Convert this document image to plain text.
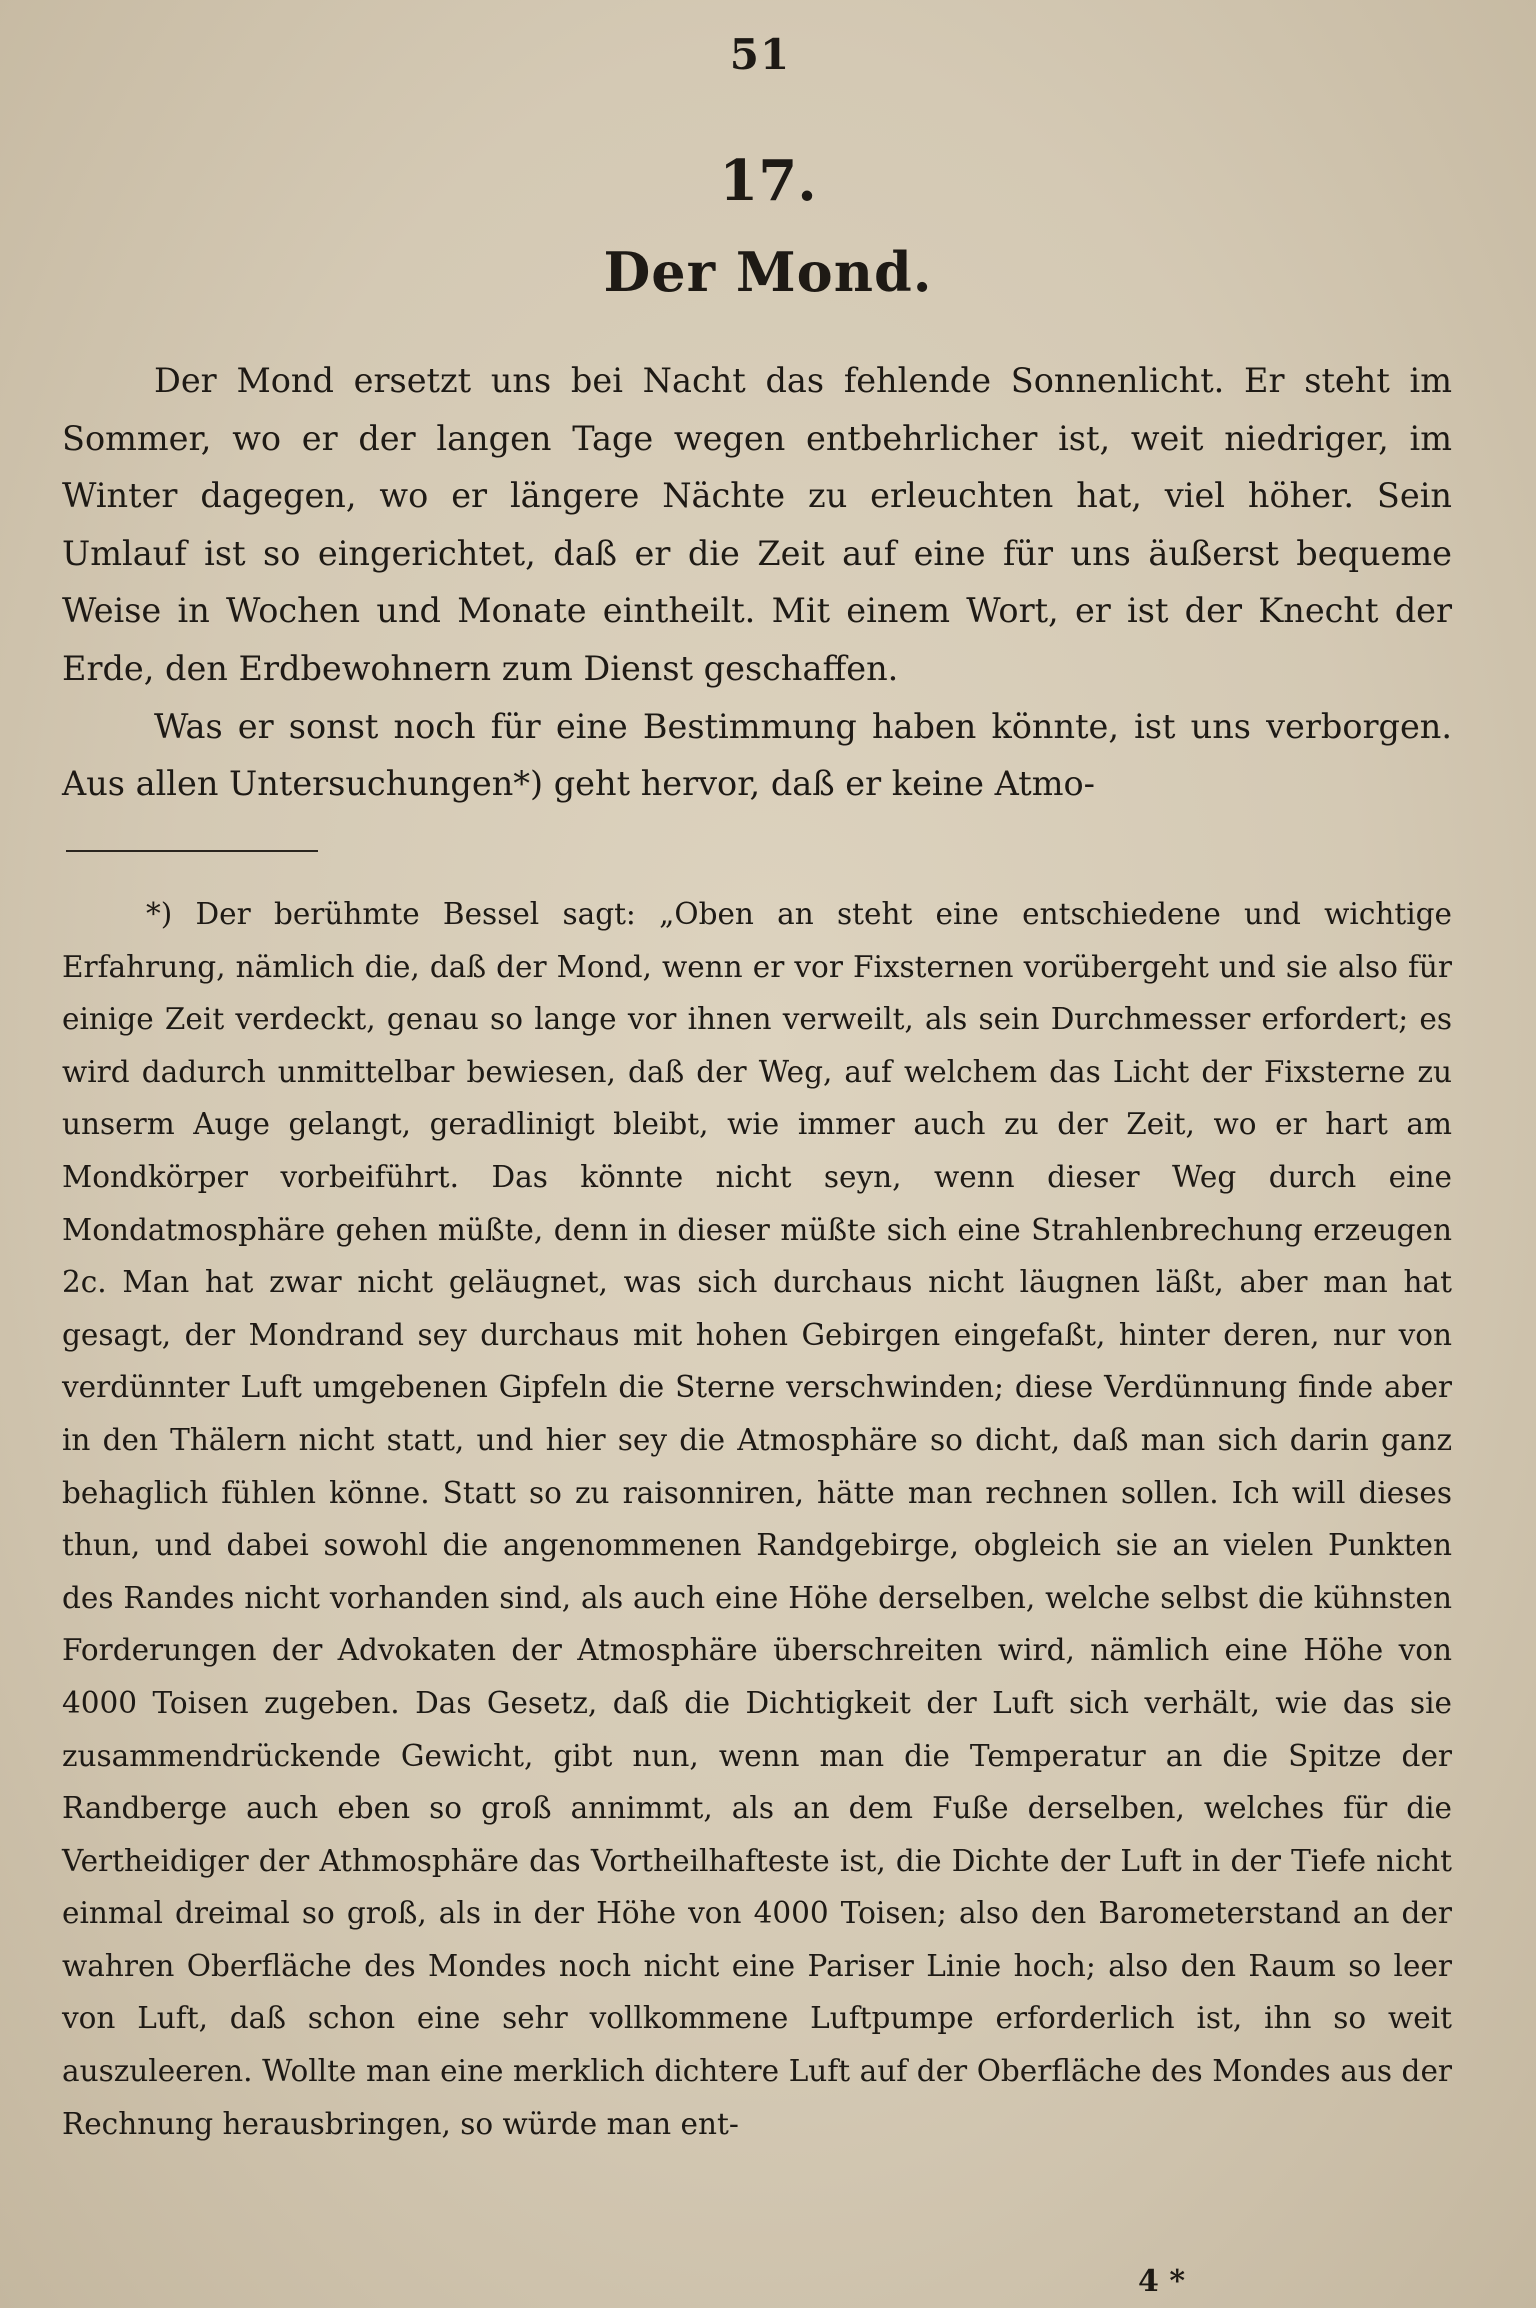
51
17.
Der Mond.

Der Mond ersetzt uns bei Nacht das fehlende Sonnenlicht. Er steht im Sommer, wo er der langen Tage wegen entbehrlicher ist, weit niedriger, im Winter dagegen, wo er längere Nächte zu erleuchten hat, viel höher. Sein Umlauf ist so eingerichtet, daß er die Zeit auf eine für uns äußerst bequeme Weise in Wochen und Monate eintheilt. Mit einem Wort, er ist der Knecht der Erde, den Erdbewohnern zum Dienst geschaffen.

Was er sonst noch für eine Bestimmung haben könnte, ist uns verborgen. Aus allen Untersuchungen*) geht hervor, daß er keine Atmo-

*) Der berühmte Bessel sagt: „Oben an steht eine entschiedene und wichtige Erfahrung, nämlich die, daß der Mond, wenn er vor Fixsternen vorübergeht und sie also für einige Zeit verdeckt, genau so lange vor ihnen verweilt, als sein Durchmesser erfordert; es wird dadurch unmittelbar bewiesen, daß der Weg, auf welchem das Licht der Fixsterne zu unserm Auge gelangt, geradlinigt bleibt, wie immer auch zu der Zeit, wo er hart am Mondkörper vorbeiführt. Das könnte nicht seyn, wenn dieser Weg durch eine Mondatmosphäre gehen müßte, denn in dieser müßte sich eine Strahlenbrechung erzeugen 2c. Man hat zwar nicht geläugnet, was sich durchaus nicht läugnen läßt, aber man hat gesagt, der Mondrand sey durchaus mit hohen Gebirgen eingefaßt, hinter deren, nur von verdünnter Luft umgebenen Gipfeln die Sterne verschwinden; diese Verdünnung finde aber in den Thälern nicht statt, und hier sey die Atmosphäre so dicht, daß man sich darin ganz behaglich fühlen könne. Statt so zu raisonniren, hätte man rechnen sollen. Ich will dieses thun, und dabei sowohl die angenommenen Randgebirge, obgleich sie an vielen Punkten des Randes nicht vorhanden sind, als auch eine Höhe derselben, welche selbst die kühnsten Forderungen der Advokaten der Atmosphäre überschreiten wird, nämlich eine Höhe von 4000 Toisen zugeben. Das Gesetz, daß die Dichtigkeit der Luft sich verhält, wie das sie zusammendrückende Gewicht, gibt nun, wenn man die Temperatur an die Spitze der Randberge auch eben so groß annimmt, als an dem Fuße derselben, welches für die Vertheidiger der Athmosphäre das Vortheilhafteste ist, die Dichte der Luft in der Tiefe nicht einmal dreimal so groß, als in der Höhe von 4000 Toisen; also den Barometerstand an der wahren Oberfläche des Mondes noch nicht eine Pariser Linie hoch; also den Raum so leer von Luft, daß schon eine sehr vollkommene Luftpumpe erforderlich ist, ihn so weit auszuleeren. Wollte man eine merklich dichtere Luft auf der Oberfläche des Mondes aus der Rechnung herausbringen, so würde man ent-

4 *
